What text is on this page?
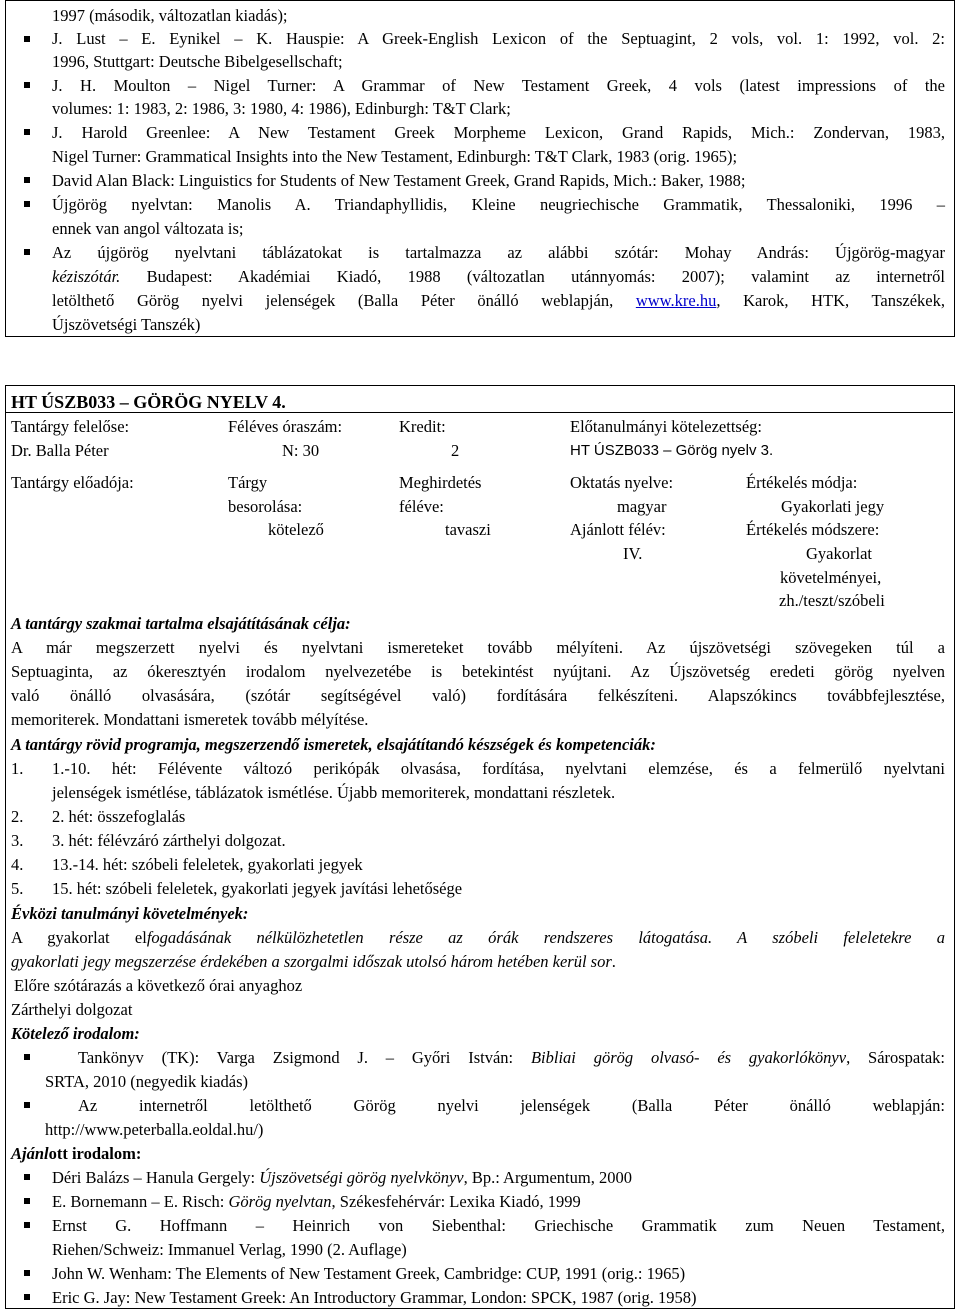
1997 (második, változatlan kiadás);
J. Lust – E. Eynikel – K. Hauspie: A Greek-English Lexicon of the Septuagint, 2 vols, vol. 1: 1992, vol. 2:
1996, Stuttgart: Deutsche Bibelgesellschaft;
J. H. Moulton – Nigel Turner: A Grammar of New Testament Greek, 4 vols (latest impressions of the
volumes: 1: 1983, 2: 1986, 3: 1980, 4: 1986), Edinburgh: T&T Clark;
J. Harold Greenlee: A New Testament Greek Morpheme Lexicon, Grand Rapids, Mich.: Zondervan, 1983,
Nigel Turner: Grammatical Insights into the New Testament, Edinburgh: T&T Clark, 1983 (orig. 1965);
David Alan Black: Linguistics for Students of New Testament Greek, Grand Rapids, Mich.: Baker, 1988;
Újgörög nyelvtan: Manolis A. Triandaphyllidis, Kleine neugriechische Grammatik, Thessaloniki, 1996 –
ennek van angol változata is;
Az újgörög nyelvtani táblázatokat is tartalmazza az alábbi szótár: Mohay András: Újgörög-magyar
kéziszótár. Budapest: Akadémiai Kiadó, 1988 (változatlan utánnyomás: 2007); valamint az internetről
letölthető Görög nyelvi jelenségek (Balla Péter önálló weblapján, www.kre.hu, Karok, HTK, Tanszékek,
Újszövetségi Tanszék)
HT ÚSZB033 – GÖRÖG NYELV 4.
Tantárgy felelőse:
Dr. Balla Péter
Féléves óraszám:
N: 30
Kredit:
2
Előtanulmányi kötelezettség:
HT ÚSZB033 – Görög nyelv 3.
Tantárgy előadója:	Tárgy
besorolása:
kötelező
Meghirdetés
féléve:
tavaszi
Oktatás nyelve:
magyar
Ajánlott félév:
IV.
Értékelés módja:
Gyakorlati jegy
Értékelés módszere:
Gyakorlat
követelményei,
zh./teszt/szóbeli
A tantárgy szakmai tartalma elsajátításának célja:
A már megszerzett nyelvi és nyelvtani ismereteket tovább mélyíteni. Az újszövetségi szövegeken túl a
Septuaginta, az ókeresztyén irodalom nyelvezetébe is betekintést nyújtani. Az Újszövetség eredeti görög nyelven
való önálló olvasására, (szótár segítségével való) fordítására felkészíteni. Alapszókincs továbbfejlesztése,
memoriterek. Mondattani ismeretek tovább mélyítése.
A tantárgy rövid programja, megszerzendő ismeretek, elsajátítandó készségek és kompetenciák:
1. 1.-10. hét: Félévente változó perikópák olvasása, fordítása, nyelvtani elemzése, és a felmerülő nyelvtani
jelenségek ismétlése, táblázatok ismétlése. Újabb memoriterek, mondattani részletek.
2. 2. hét: összefoglalás
3. 3. hét: félévzáró zárthelyi dolgozat.
4. 13.-14. hét: szóbeli feleletek, gyakorlati jegyek
5. 15. hét: szóbeli feleletek, gyakorlati jegyek javítási lehetősége
Évközi tanulmányi követelmények:
A gyakorlat elfogadásának nélkülözhetetlen része az órák rendszeres látogatása. A szóbeli feleletekre a
gyakorlati jegy megszerzése érdekében a szorgalmi időszak utolsó három hetében kerül sor.
Előre szótárazás a következő órai anyaghoz
Zárthelyi dolgozat
Kötelező irodalom:
Tankönyv (TK): Varga Zsigmond J. – Győri István: Bibliai görög olvasó- és gyakorlókönyv, Sárospatak:
SRTA, 2010 (negyedik kiadás)
Az internetről letölthető Görög nyelvi jelenségek (Balla Péter önálló weblapján:
http://www.peterballa.eoldal.hu/)
Ajánlott irodalom:
Déri Balázs – Hanula Gergely: Újszövetségi görög nyelvkönyv, Bp.: Argumentum, 2000
E. Bornemann – E. Risch: Görög nyelvtan, Székesfehérvár: Lexika Kiadó, 1999
Ernst G. Hoffmann – Heinrich von Siebenthal: Griechische Grammatik zum Neuen Testament,
Riehen/Schweiz: Immanuel Verlag, 1990 (2. Auflage)
John W. Wenham: The Elements of New Testament Greek, Cambridge: CUP, 1991 (orig.: 1965)
Eric G. Jay: New Testament Greek: An Introductory Grammar, London: SPCK, 1987 (orig. 1958)
